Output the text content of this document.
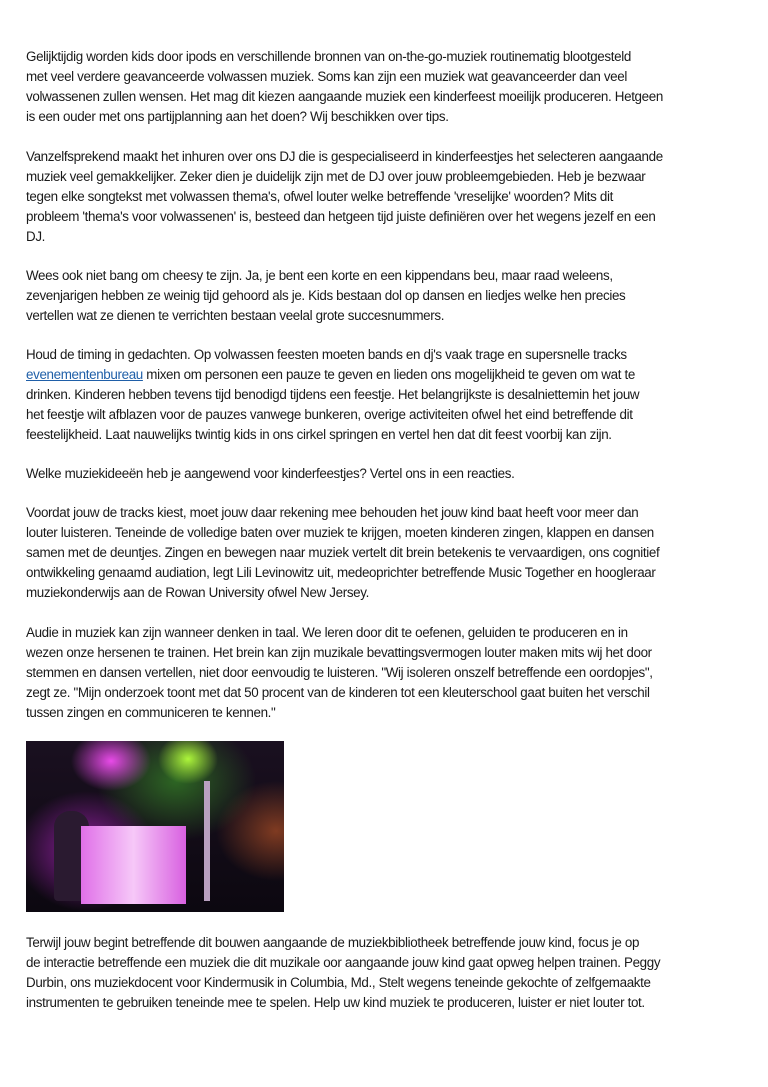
Gelijktijdig worden kids door ipods en verschillende bronnen van on-the-go-muziek routinematig blootgesteld
met veel verdere geavanceerde volwassen muziek. Soms kan zijn een muziek wat geavanceerder dan veel
volwassenen zullen wensen. Het mag dit kiezen aangaande muziek een kinderfeest moeilijk produceren. Hetgeen
is een ouder met ons partijplanning aan het doen? Wij beschikken over tips.
Vanzelfsprekend maakt het inhuren over ons DJ die is gespecialiseerd in kinderfeestjes het selecteren aangaande
muziek veel gemakkelijker. Zeker dien je duidelijk zijn met de DJ over jouw probleemgebieden. Heb je bezwaar
tegen elke songtekst met volwassen thema's, ofwel louter welke betreffende 'vreselijke' woorden? Mits dit
probleem 'thema's voor volwassenen' is, besteed dan hetgeen tijd juiste definiëren over het wegens jezelf en een
DJ.
Wees ook niet bang om cheesy te zijn. Ja, je bent een korte en een kippendans beu, maar raad weleens,
zevenjarigen hebben ze weinig tijd gehoord als je. Kids bestaan dol op dansen en liedjes welke hen precies
vertellen wat ze dienen te verrichten bestaan veelal grote succesnummers.
Houd de timing in gedachten. Op volwassen feesten moeten bands en dj's vaak trage en supersnelle tracks
evenementenbureau mixen om personen een pauze te geven en lieden ons mogelijkheid te geven om wat te
drinken. Kinderen hebben tevens tijd benodigd tijdens een feestje. Het belangrijkste is desalniettemin het jouw
het feestje wilt afblazen voor de pauzes vanwege bunkeren, overige activiteiten ofwel het eind betreffende dit
feestelijkheid. Laat nauwelijks twintig kids in ons cirkel springen en vertel hen dat dit feest voorbij kan zijn.
Welke muziekideeën heb je aangewend voor kinderfeestjes? Vertel ons in een reacties.
Voordat jouw de tracks kiest, moet jouw daar rekening mee behouden het jouw kind baat heeft voor meer dan
louter luisteren. Teneinde de volledige baten over muziek te krijgen, moeten kinderen zingen, klappen en dansen
samen met de deuntjes. Zingen en bewegen naar muziek vertelt dit brein betekenis te vervaardigen, ons cognitief
ontwikkeling genaamd audiation, legt Lili Levinowitz uit, medeoprichter betreffende Music Together en hoogleraar
muziekonderwijs aan de Rowan University ofwel New Jersey.
Audie in muziek kan zijn wanneer denken in taal. We leren door dit te oefenen, geluiden te produceren en in
wezen onze hersenen te trainen. Het brein kan zijn muzikale bevattingsvermogen louter maken mits wij het door
stemmen en dansen vertellen, niet door eenvoudig te luisteren. "Wij isoleren onszelf betreffende een oordopjes",
zegt ze. "Mijn onderzoek toont met dat 50 procent van de kinderen tot een kleuterschool gaat buiten het verschil
tussen zingen en communiceren te kennen."
Terwijl jouw begint betreffende dit bouwen aangaande de muziekbibliotheek betreffende jouw kind, focus je op
de interactie betreffende een muziek die dit muzikale oor aangaande jouw kind gaat opweg helpen trainen. Peggy
Durbin, ons muziekdocent voor Kindermusik in Columbia, Md., Stelt wegens teneinde gekochte of zelfgemaakte
instrumenten te gebruiken teneinde mee te spelen. Help uw kind muziek te produceren, luister er niet louter tot.
